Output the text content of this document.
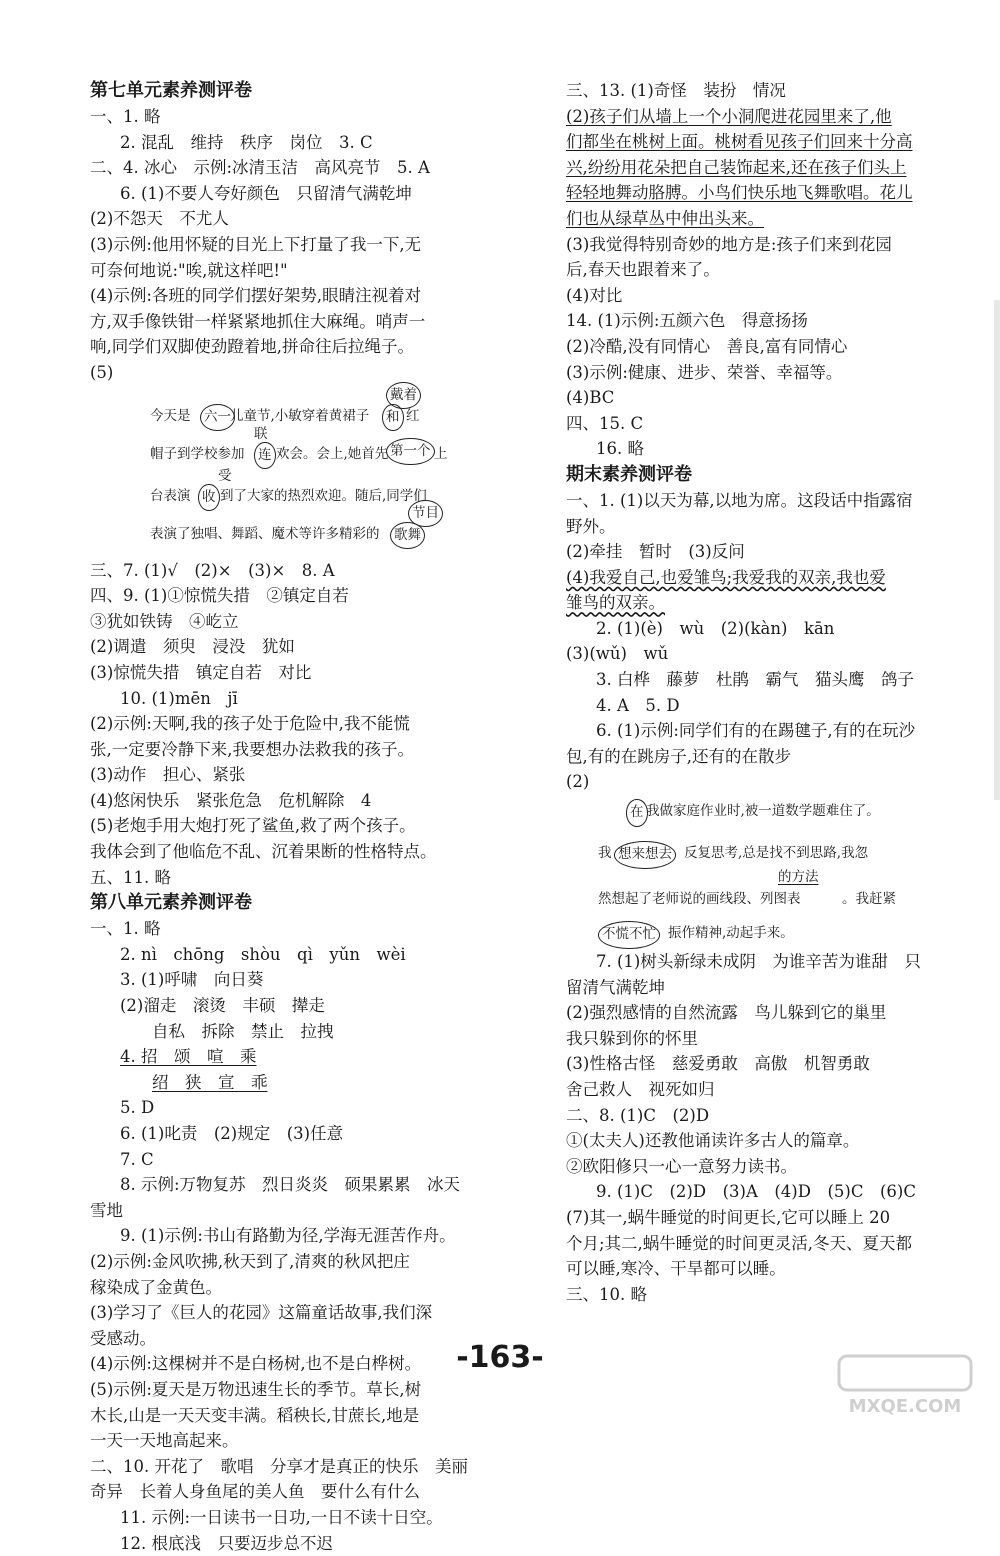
第七单元素养测评卷
一、1. 略
2. 混乱　维持　秩序　岗位　3. C
二、4. 冰心　示例:冰清玉洁　高风亮节　5. A
6. (1)不要人夸好颜色　只留清气满乾坤
(2)不怨天　不尤人
(3)示例:他用怀疑的目光上下打量了我一下,无
可奈何地说:"唉,就这样吧!"
(4)示例:各班的同学们摆好架势,眼睛注视着对
方,双手像铁钳一样紧紧地抓住大麻绳。哨声一
响,同学们双脚使劲蹬着地,拼命往后拉绳子。
(5)
今天是 六一 儿童节,小敏穿着黄裙子 和 红
戴着
帽子到学校参加 连 欢会。会上,她首先 第一个 上
联
台表演 收 到了大家的热烈欢迎。随后,同学们
受
表演了独唱、舞蹈、魔术等许多精彩的 歌舞
节目
三、7. (1)√　(2)×　(3)×　8. A
四、9. (1)①惊慌失措　②镇定自若
③犹如铁铸　④屹立
(2)调遣　须臾　浸没　犹如
(3)惊慌失措　镇定自若　对比
10. (1)mēn　jī
(2)示例:天啊,我的孩子处于危险中,我不能慌
张,一定要冷静下来,我要想办法救我的孩子。
(3)动作　担心、紧张
(4)悠闲快乐　紧张危急　危机解除　4
(5)老炮手用大炮打死了鲨鱼,救了两个孩子。
我体会到了他临危不乱、沉着果断的性格特点。
五、11. 略
第八单元素养测评卷
一、1. 略
2. nì　chōng　shòu　qì　yǔn　wèi
3. (1)呼啸　向日葵
(2)溜走　滚烫　丰硕　撵走
自私　拆除　禁止　拉拽
4. 招　颂　喧　乘
绍　狭　宣　乖
5. D
6. (1)叱责　(2)规定　(3)任意
7. C
8. 示例:万物复苏　烈日炎炎　硕果累累　冰天
雪地
9. (1)示例:书山有路勤为径,学海无涯苦作舟。
(2)示例:金风吹拂,秋天到了,清爽的秋风把庄
稼染成了金黄色。
(3)学习了《巨人的花园》这篇童话故事,我们深
受感动。
(4)示例:这棵树并不是白杨树,也不是白桦树。
(5)示例:夏天是万物迅速生长的季节。草长,树
木长,山是一天天变丰满。稻秧长,甘蔗长,地是
一天一天地高起来。
二、10. 开花了　歌唱　分享才是真正的快乐　美丽
奇异　长着人身鱼尾的美人鱼　要什么有什么
11. 示例:一日读书一日功,一日不读十日空。
12. 根底浅　只要迈步总不迟
三、13. (1)奇怪　装扮　情况
(2)孩子们从墙上一个小洞爬进花园里来了,他
们都坐在桃树上面。桃树看见孩子们回来十分高
兴,纷纷用花朵把自己装饰起来,还在孩子们头上
轻轻地舞动胳膊。小鸟们快乐地飞舞歌唱。花儿
们也从绿草丛中伸出头来。
(3)我觉得特别奇妙的地方是:孩子们来到花园
后,春天也跟着来了。
(4)对比
14. (1)示例:五颜六色　得意扬扬
(2)冷酷,没有同情心　善良,富有同情心
(3)示例:健康、进步、荣誉、幸福等。
(4)BC
四、15. C
16. 略
期末素养测评卷
一、1. (1)以天为幕,以地为席。这段话中指露宿
野外。
(2)牵挂　暂时　(3)反问
(4)我爱自己,也爱雏鸟;我爱我的双亲,我也爱
雏鸟的双亲。
2. (1)(è)　wù　(2)(kàn)　kān
(3)(wǔ)　wǔ
3. 白桦　藤萝　杜鹃　霸气　猫头鹰　鸽子
4. A　5. D
6. (1)示例:同学们有的在踢毽子,有的在玩沙
包,有的在跳房子,还有的在散步
(2)
在 我做家庭作业时,被一道数学题难住了。
我 想来想去 反复思考,总是找不到思路,我忽
的方法
然想起了老师说的画线段、列图表	。我赶紧
不慌不忙 振作精神,动起手来。
7. (1)树头新绿未成阴　为谁辛苦为谁甜　只
留清气满乾坤
(2)强烈感情的自然流露　鸟儿躲到它的巢里
我只躲到你的怀里
(3)性格古怪　慈爱勇敢　高傲　机智勇敢
舍己救人　视死如归
二、8. (1)C　(2)D
①(太夫人)还教他诵读许多古人的篇章。
②欧阳修只一心一意努力读书。
9. (1)C　(2)D　(3)A　(4)D　(5)C　(6)C
(7)其一,蜗牛睡觉的时间更长,它可以睡上 20
个月;其二,蜗牛睡觉的时间更灵活,冬天、夏天都
可以睡,寒冷、干旱都可以睡。
三、10. 略
-163-
MXQE.COM
